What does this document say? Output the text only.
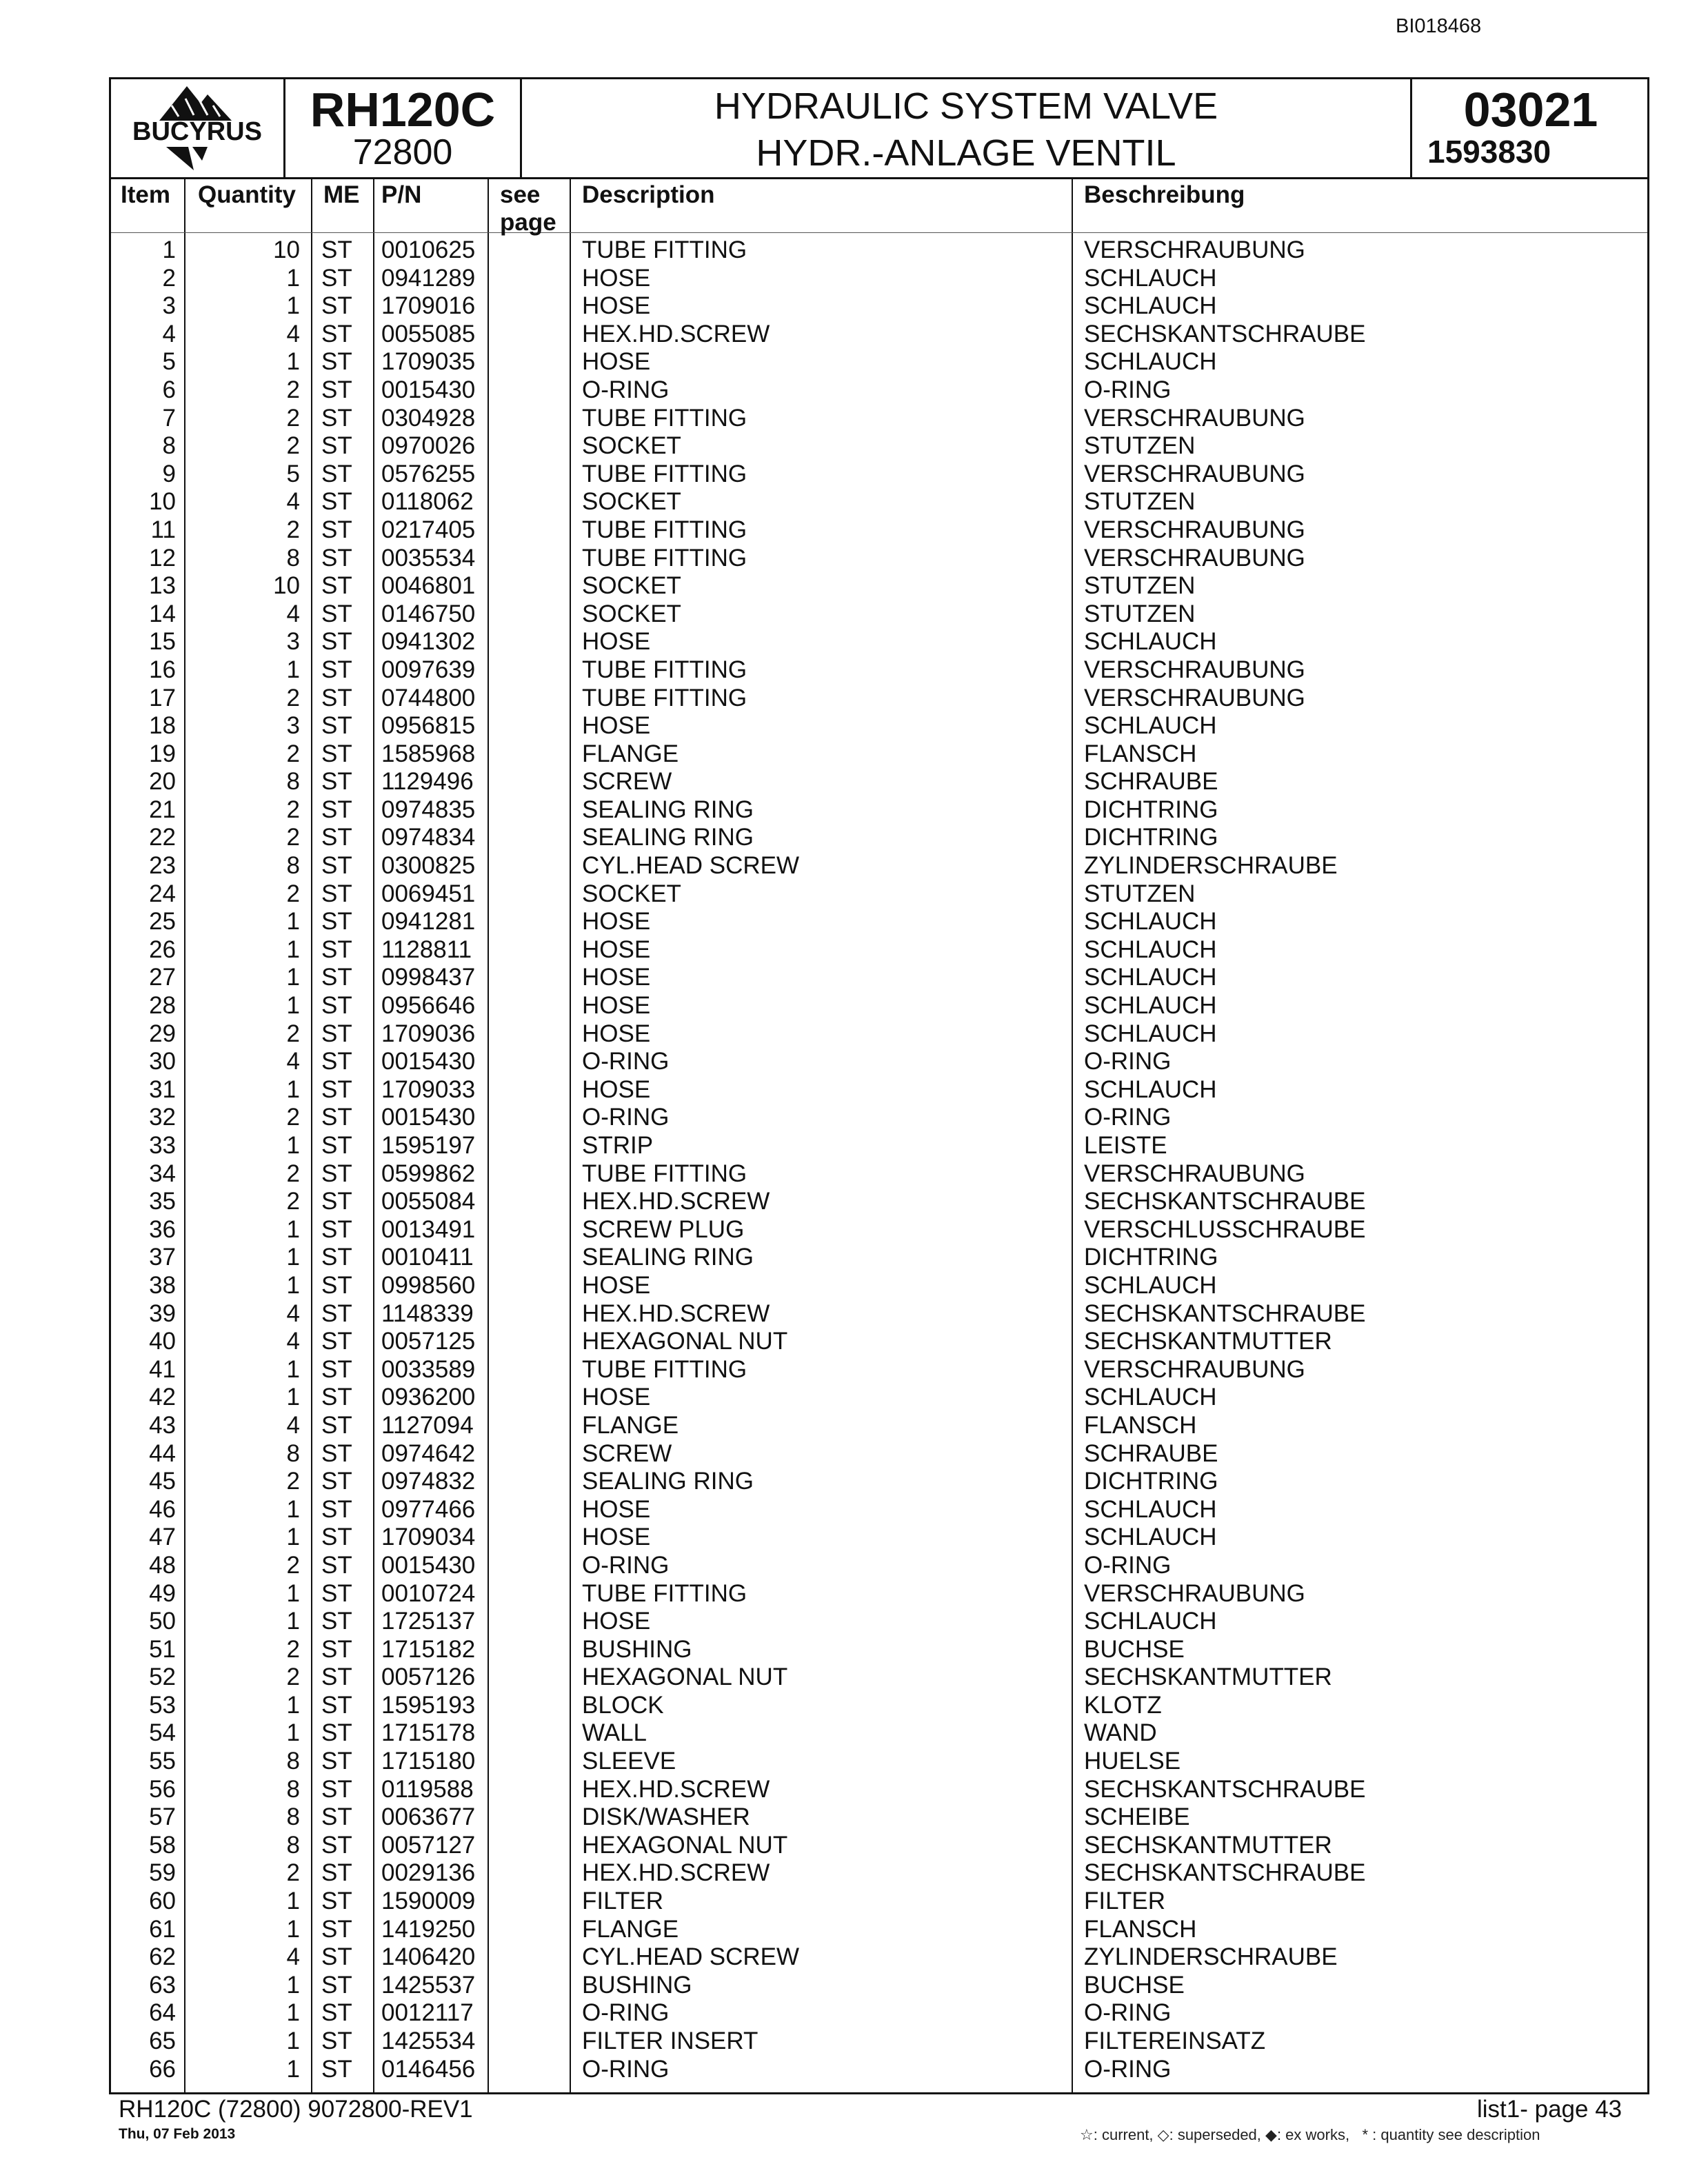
BI018468
BUCYRUS RH120C
72800
HYDRAULIC SYSTEM VALVE
HYDR.-ANLAGE VENTIL
03021
1593830
Item Quantity ME P/N	see
page
Description	Beschreibung
1	10 ST 0010625	TUBE FITTING	VERSCHRAUBUNG
2	1 ST 0941289	HOSE	SCHLAUCH
3	1 ST 1709016	HOSE	SCHLAUCH
4	4 ST 0055085	HEX.HD.SCREW	SECHSKANTSCHRAUBE
5	1 ST 1709035	HOSE	SCHLAUCH
6	2 ST 0015430	O-RING	O-RING
7	2 ST 0304928	TUBE FITTING	VERSCHRAUBUNG
8	2 ST 0970026	SOCKET	STUTZEN
9	5 ST 0576255	TUBE FITTING	VERSCHRAUBUNG
10	4 ST 0118062	SOCKET	STUTZEN
11	2 ST 0217405	TUBE FITTING	VERSCHRAUBUNG
12	8 ST 0035534	TUBE FITTING	VERSCHRAUBUNG
13	10 ST 0046801	SOCKET	STUTZEN
14	4 ST 0146750	SOCKET	STUTZEN
15	3 ST 0941302	HOSE	SCHLAUCH
16	1 ST 0097639	TUBE FITTING	VERSCHRAUBUNG
17	2 ST 0744800	TUBE FITTING	VERSCHRAUBUNG
18	3 ST 0956815	HOSE	SCHLAUCH
19	2 ST 1585968	FLANGE	FLANSCH
20	8 ST 1129496	SCREW	SCHRAUBE
21	2 ST 0974835	SEALING RING	DICHTRING
22	2 ST 0974834	SEALING RING	DICHTRING
23	8 ST 0300825	CYL.HEAD SCREW	ZYLINDERSCHRAUBE
24	2 ST 0069451	SOCKET	STUTZEN
25	1 ST 0941281	HOSE	SCHLAUCH
26	1 ST 1128811	HOSE	SCHLAUCH
27	1 ST 0998437	HOSE	SCHLAUCH
28	1 ST 0956646	HOSE	SCHLAUCH
29	2 ST 1709036	HOSE	SCHLAUCH
30	4 ST 0015430	O-RING	O-RING
31	1 ST 1709033	HOSE	SCHLAUCH
32	2 ST 0015430	O-RING	O-RING
33	1 ST 1595197	STRIP	LEISTE
34	2 ST 0599862	TUBE FITTING	VERSCHRAUBUNG
35	2 ST 0055084	HEX.HD.SCREW	SECHSKANTSCHRAUBE
36	1 ST 0013491	SCREW PLUG	VERSCHLUSSCHRAUBE
37	1 ST 0010411	SEALING RING	DICHTRING
38	1 ST 0998560	HOSE	SCHLAUCH
39	4 ST 1148339	HEX.HD.SCREW	SECHSKANTSCHRAUBE
40	4 ST 0057125	HEXAGONAL NUT	SECHSKANTMUTTER
41	1 ST 0033589	TUBE FITTING	VERSCHRAUBUNG
42	1 ST 0936200	HOSE	SCHLAUCH
43	4 ST 1127094	FLANGE	FLANSCH
44	8 ST 0974642	SCREW	SCHRAUBE
45	2 ST 0974832	SEALING RING	DICHTRING
46	1 ST 0977466	HOSE	SCHLAUCH
47	1 ST 1709034	HOSE	SCHLAUCH
48	2 ST 0015430	O-RING	O-RING
49	1 ST 0010724	TUBE FITTING	VERSCHRAUBUNG
50	1 ST 1725137	HOSE	SCHLAUCH
51	2 ST 1715182	BUSHING	BUCHSE
52	2 ST 0057126	HEXAGONAL NUT	SECHSKANTMUTTER
53	1 ST 1595193	BLOCK	KLOTZ
54	1 ST 1715178	WALL	WAND
55	8 ST 1715180	SLEEVE	HUELSE
56	8 ST 0119588	HEX.HD.SCREW	SECHSKANTSCHRAUBE
57	8 ST 0063677	DISK/WASHER	SCHEIBE
58	8 ST 0057127	HEXAGONAL NUT	SECHSKANTMUTTER
59	2 ST 0029136	HEX.HD.SCREW	SECHSKANTSCHRAUBE
60	1 ST 1590009	FILTER	FILTER
61	1 ST 1419250	FLANGE	FLANSCH
62	4 ST 1406420	CYL.HEAD SCREW	ZYLINDERSCHRAUBE
63	1 ST 1425537	BUSHING	BUCHSE
64	1 ST 0012117	O-RING	O-RING
65	1 ST 1425534	FILTER INSERT	FILTEREINSATZ
66	1 ST 0146456	O-RING	O-RING
RH120C (72800) 9072800-REV1
Thu, 07 Feb 2013
list1- page 43
☆: current, ◇: superseded, ◆: ex works, * : quantity see description
